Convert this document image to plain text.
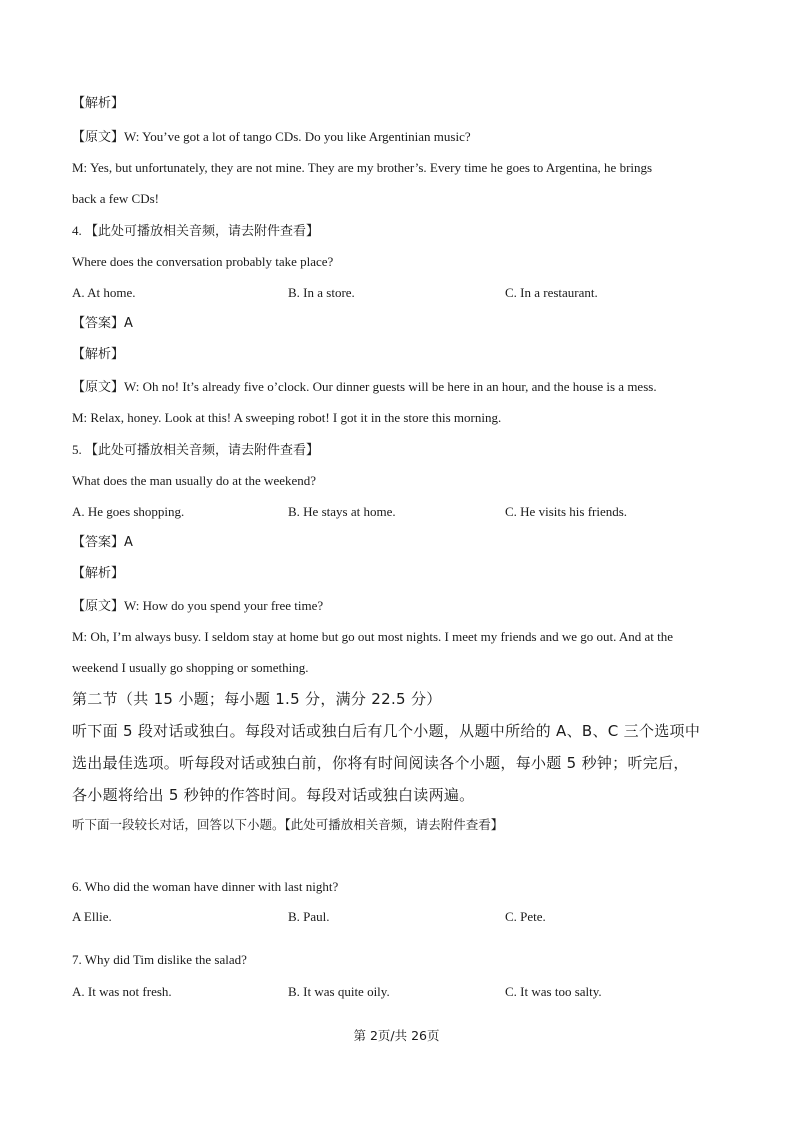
【解析】
【原文】W: You’ve got a lot of tango CDs. Do you like Argentinian music?
M: Yes, but unfortunately, they are not mine. They are my brother’s. Every time he goes to Argentina, he brings
back a few CDs!
4. 【此处可播放相关音频，请去附件查看】
Where does the conversation probably take place?
A. At home.	B. In a store.	C. In a restaurant.
【答案】A
【解析】
【原文】W: Oh no! It’s already five o’clock. Our dinner guests will be here in an hour, and the house is a mess.
M: Relax, honey. Look at this! A sweeping robot! I got it in the store this morning.
5. 【此处可播放相关音频，请去附件查看】
What does the man usually do at the weekend?
A. He goes shopping.	B. He stays at home.	C. He visits his friends.
【答案】A
【解析】
【原文】W: How do you spend your free time?
M: Oh, I’m always busy. I seldom stay at home but go out most nights. I meet my friends and we go out. And at the
weekend I usually go shopping or something.
第二节（共 15 小题；每小题 1.5 分，满分 22.5 分）
听下面 5 段对话或独白。每段对话或独白后有几个小题，从题中所给的 A、B、C 三个选项中
选出最佳选项。听每段对话或独白前，你将有时间阅读各个小题，每小题 5 秒钟；听完后，
各小题将给出 5 秒钟的作答时间。每段对话或独白读两遍。
听下面一段较长对话，回答以下小题。【此处可播放相关音频，请去附件查看】
6. Who did the woman have dinner with last night?
A Ellie.	B. Paul.	C. Pete.
7. Why did Tim dislike the salad?
A. It was not fresh.	B. It was quite oily.	C. It was too salty.
第 2页/共 26页
